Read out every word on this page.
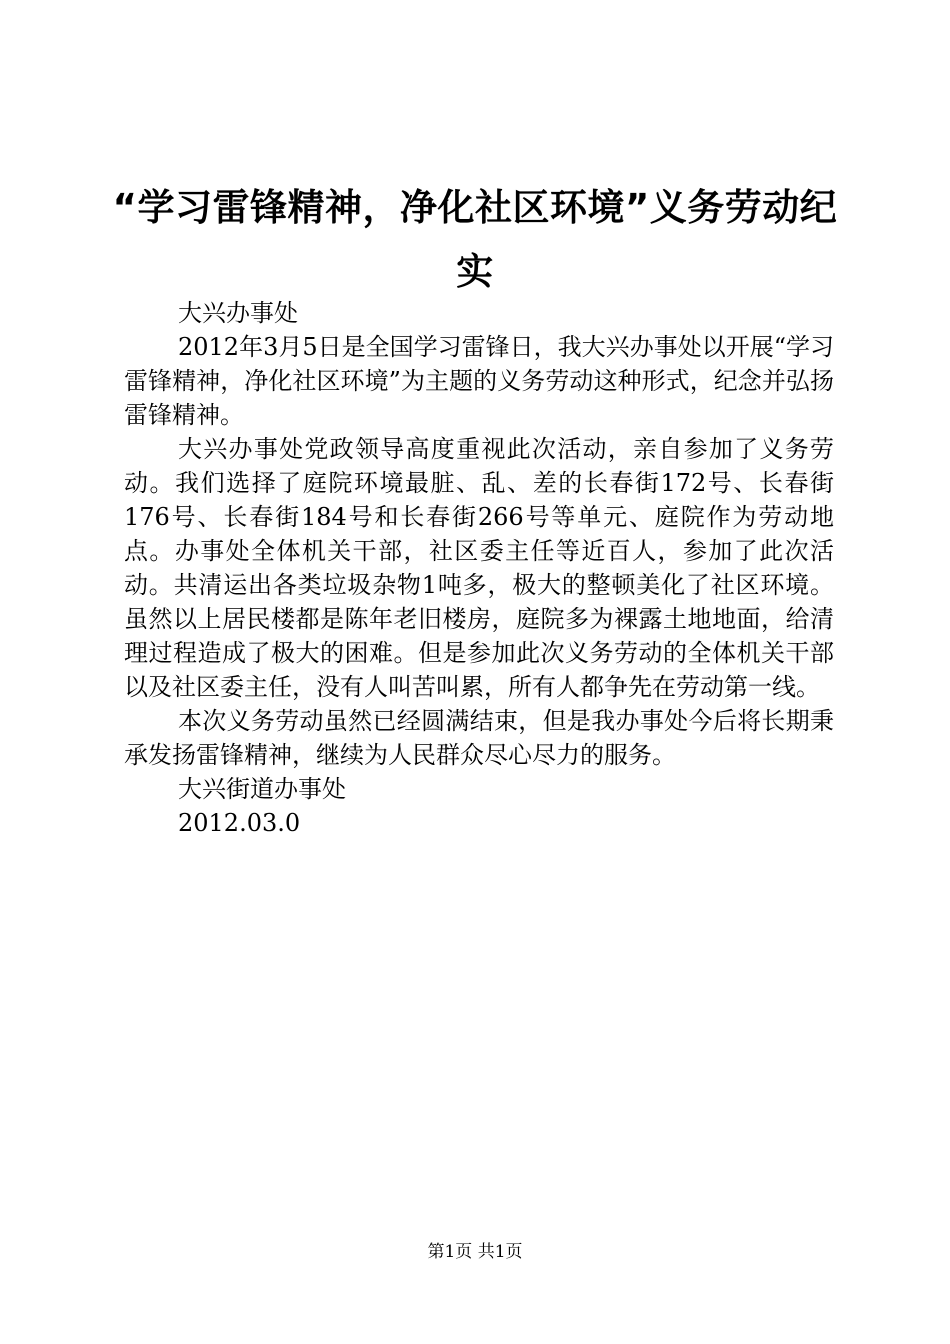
“学习雷锋精神，净化社区环境”义务劳动纪实

大兴办事处

2012年3月5日是全国学习雷锋日，我大兴办事处以开展“学习雷锋精神，净化社区环境”为主题的义务劳动这种形式，纪念并弘扬雷锋精神。

大兴办事处党政领导高度重视此次活动，亲自参加了义务劳动。我们选择了庭院环境最脏、乱、差的长春街172号、长春街176号、长春街184号和长春街266号等单元、庭院作为劳动地点。办事处全体机关干部，社区委主任等近百人，参加了此次活动。共清运出各类垃圾杂物1吨多，极大的整顿美化了社区环境。虽然以上居民楼都是陈年老旧楼房，庭院多为裸露土地地面，给清理过程造成了极大的困难。但是参加此次义务劳动的全体机关干部以及社区委主任，没有人叫苦叫累，所有人都争先在劳动第一线。

本次义务劳动虽然已经圆满结束，但是我办事处今后将长期秉承发扬雷锋精神，继续为人民群众尽心尽力的服务。

大兴街道办事处

2012.03.0

第1页 共1页
